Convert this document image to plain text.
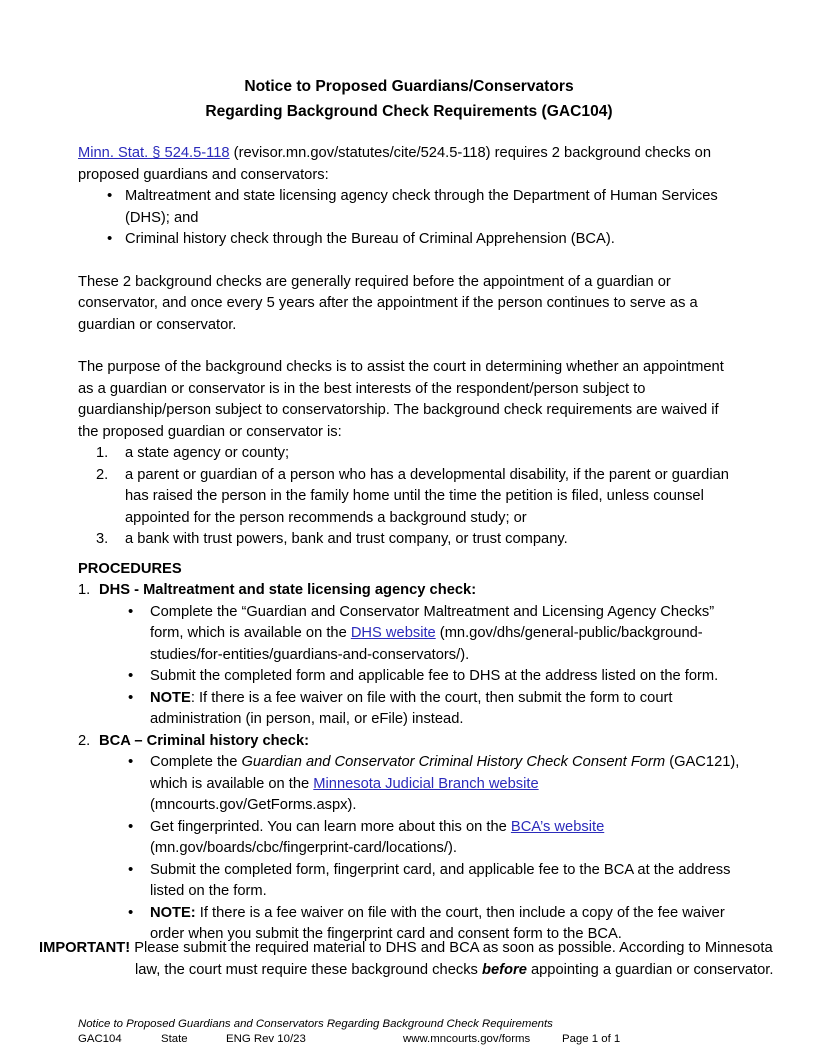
Notice to Proposed Guardians/Conservators
Regarding Background Check Requirements (GAC104)

Minn. Stat. § 524.5-118 (revisor.mn.gov/statutes/cite/524.5-118) requires 2 background checks on proposed guardians and conservators:

• Maltreatment and state licensing agency check through the Department of Human Services (DHS); and
• Criminal history check through the Bureau of Criminal Apprehension (BCA).

These 2 background checks are generally required before the appointment of a guardian or conservator, and once every 5 years after the appointment if the person continues to serve as a guardian or conservator.

The purpose of the background checks is to assist the court in determining whether an appointment as a guardian or conservator is in the best interests of the respondent/person subject to guardianship/person subject to conservatorship. The background check requirements are waived if the proposed guardian or conservator is:

a state agency or county;
a parent or guardian of a person who has a developmental disability, if the parent or guardian has raised the person in the family home until the time the petition is filed, unless counsel appointed for the person recommends a background study; or
a bank with trust powers, bank and trust company, or trust company.

PROCEDURES

DHS - Maltreatment and state licensing agency check:
• Complete the “Guardian and Conservator Maltreatment and Licensing Agency Checks” form, which is available on the DHS website (mn.gov/dhs/general-public/background-studies/for-entities/guardians-and-conservators/).
• Submit the completed form and applicable fee to DHS at the address listed on the form.
• NOTE: If there is a fee waiver on file with the court, then submit the form to court administration (in person, mail, or eFile) instead.
BCA – Criminal history check:
• Complete the Guardian and Conservator Criminal History Check Consent Form (GAC121), which is available on the Minnesota Judicial Branch website (mncourts.gov/GetForms.aspx).
• Get fingerprinted. You can learn more about this on the BCA’s website (mn.gov/boards/cbc/fingerprint-card/locations/).
• Submit the completed form, fingerprint card, and applicable fee to the BCA at the address listed on the form.
• NOTE: If there is a fee waiver on file with the court, then include a copy of the fee waiver order when you submit the fingerprint card and consent form to the BCA.
IMPORTANT! Please submit the required material to DHS and BCA as soon as possible. According to Minnesota
law, the court must require these background checks before appointing a guardian or conservator.
Notice to Proposed Guardians and Conservators Regarding Background Check Requirements
GAC104	State	ENG Rev 10/23	www.mncourts.gov/forms	Page 1 of 1
